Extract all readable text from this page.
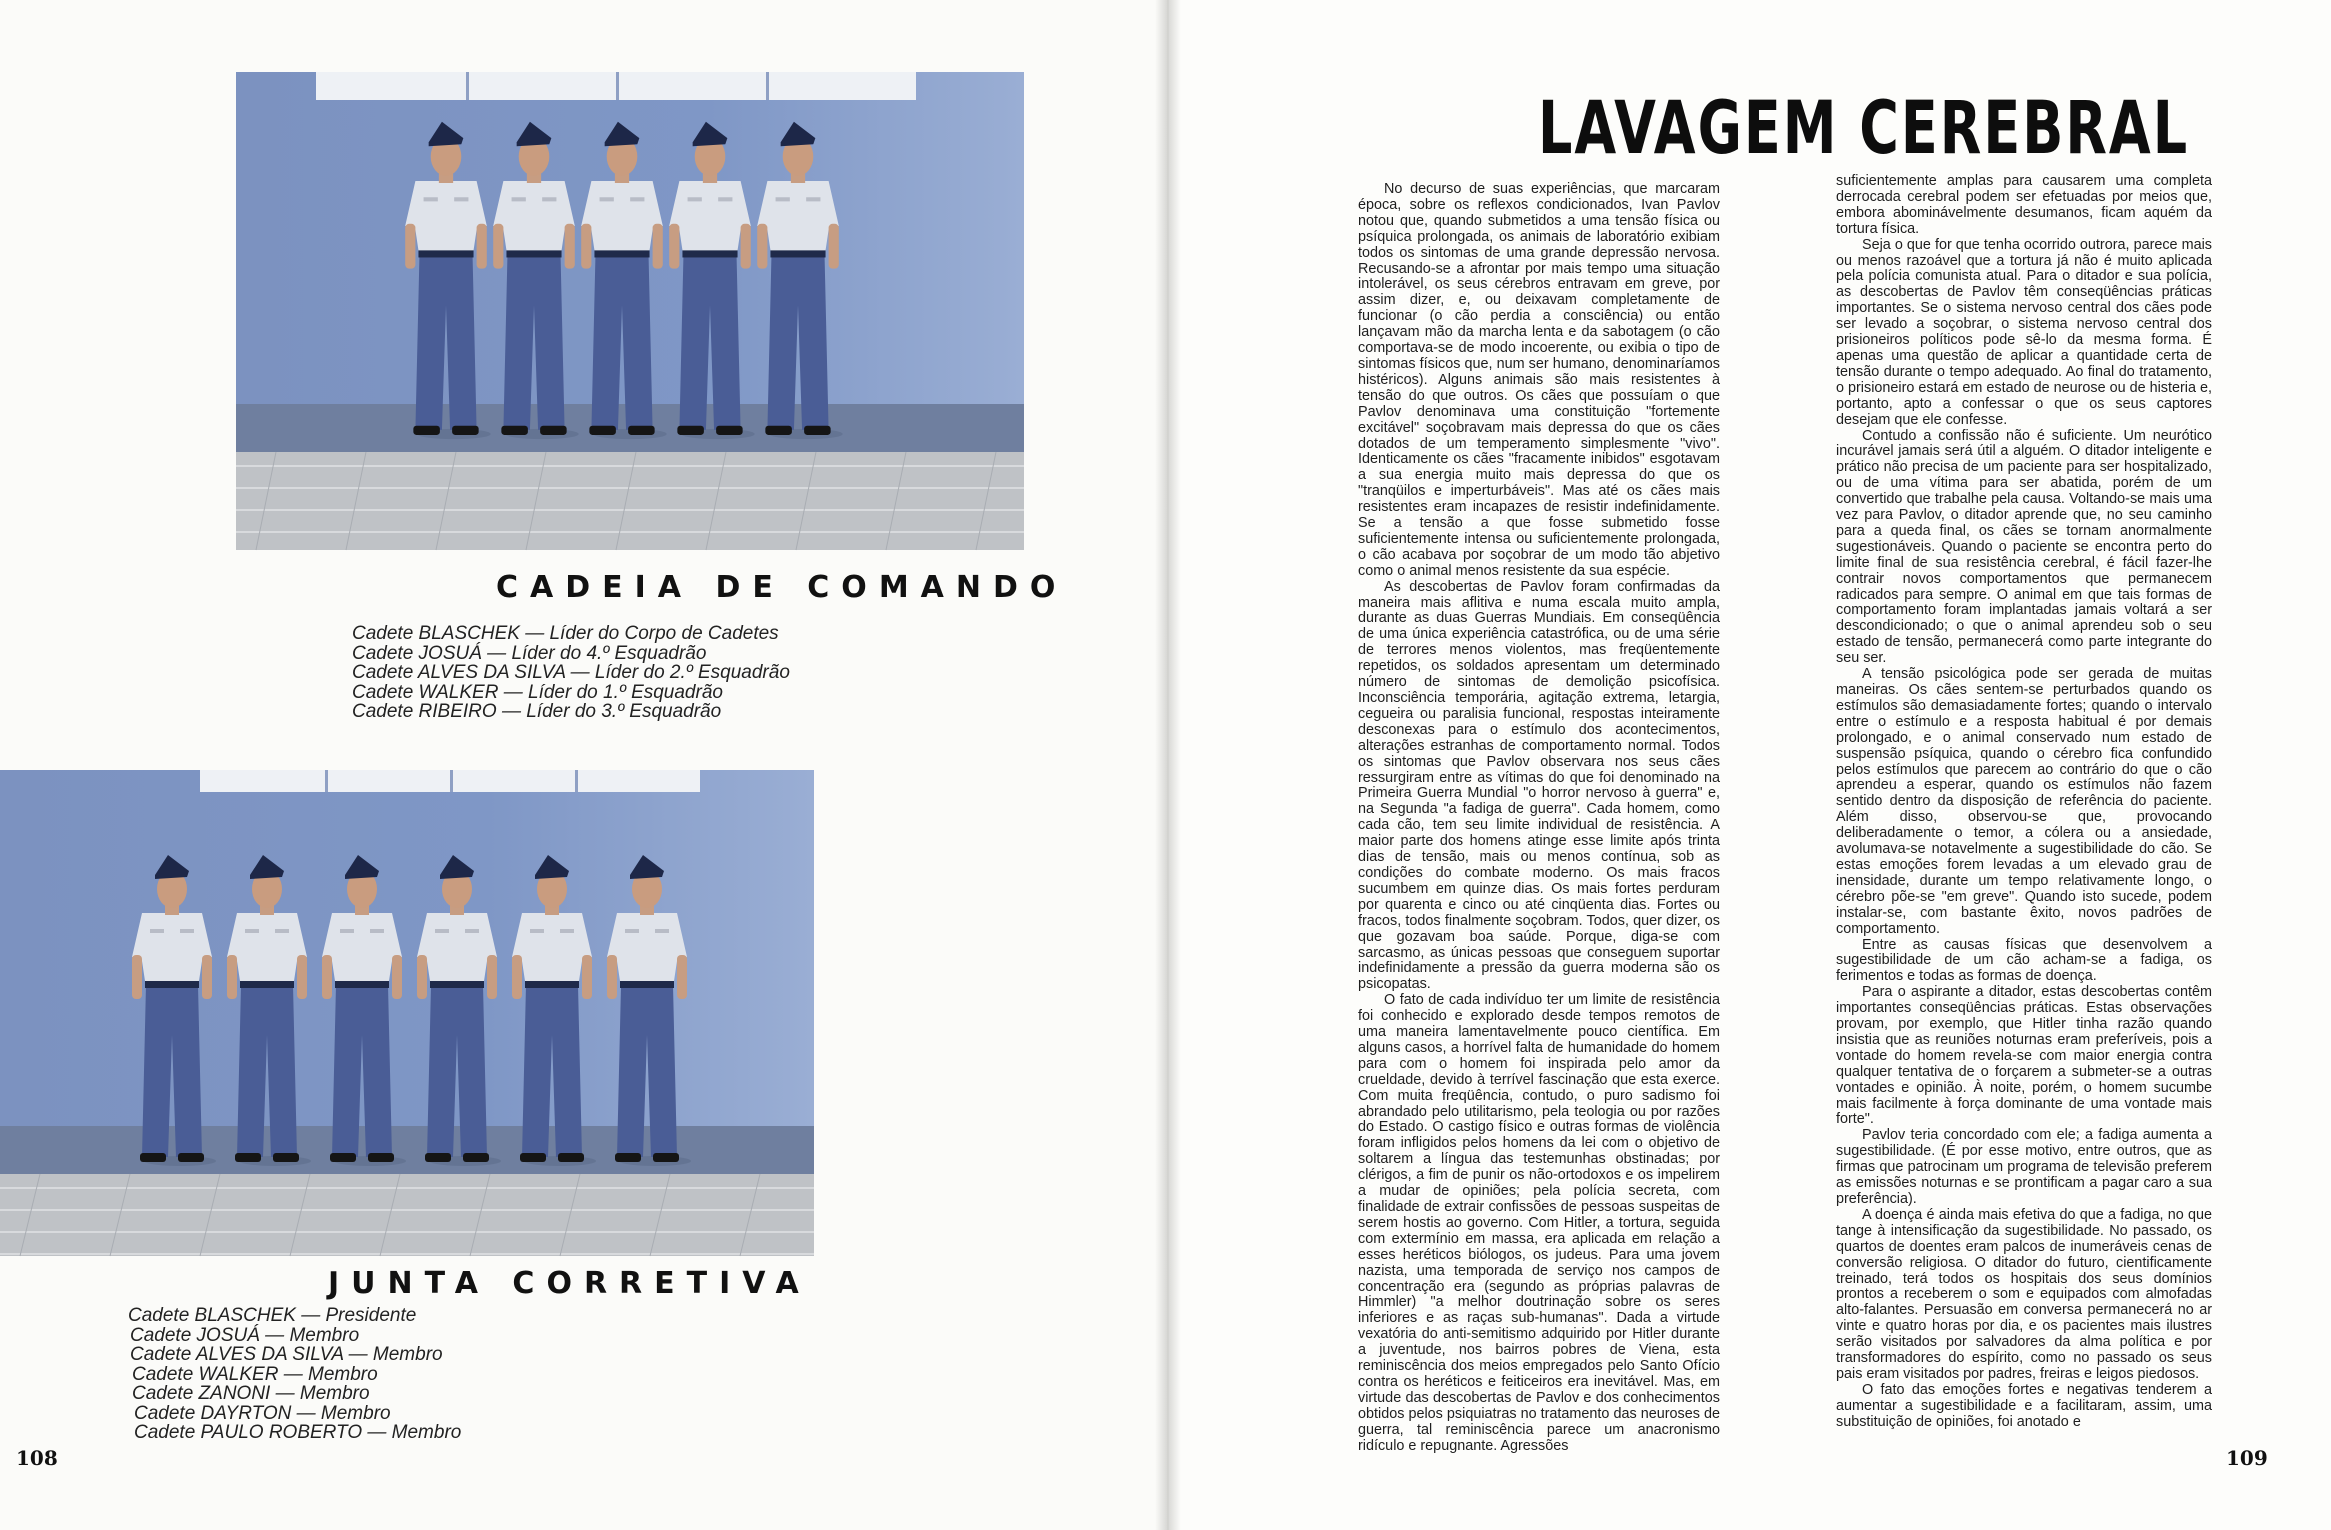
CADEIA DE COMANDO
Cadete BLASCHEK — Líder do Corpo de Cadetes
Cadete JOSUÁ — Líder do 4.º Esquadrão
Cadete ALVES DA SILVA — Líder do 2.º Esquadrão
Cadete WALKER — Líder do 1.º Esquadrão
Cadete RIBEIRO — Líder do 3.º Esquadrão
JUNTA CORRETIVA
Cadete BLASCHEK — Presidente
Cadete JOSUÁ — Membro
Cadete ALVES DA SILVA — Membro
Cadete WALKER — Membro
Cadete ZANONI — Membro
Cadete DAYRTON — Membro
Cadete PAULO ROBERTO — Membro
108
LAVAGEM CEREBRAL

No decurso de suas experiências, que marcaram época, sobre os reflexos condicionados, Ivan Pavlov notou que, quando submetidos a uma tensão física ou psíquica prolongada, os animais de laboratório exibiam todos os sintomas de uma grande depressão nervosa. Recusando-se a afrontar por mais tempo uma situação intolerável, os seus cérebros entravam em greve, por assim dizer, e, ou deixavam completamente de funcionar (o cão perdia a consciência) ou então lançavam mão da marcha lenta e da sabotagem (o cão comportava-se de modo incoerente, ou exibia o tipo de sintomas físicos que, num ser humano, denominaríamos histéricos). Alguns animais são mais resistentes à tensão do que outros. Os cães que possuíam o que Pavlov denominava uma constituição "fortemente excitável" soçobravam mais depressa do que os cães dotados de um temperamento simplesmente "vivo". Identicamente os cães "fracamente inibidos" esgotavam a sua energia muito mais depressa do que os "tranqüilos e imperturbáveis". Mas até os cães mais resistentes eram incapazes de resistir indefinidamente. Se a tensão a que fosse submetido fosse suficientemente intensa ou suficientemente prolongada, o cão acabava por soçobrar de um modo tão abjetivo como o animal menos resistente da sua espécie.

As descobertas de Pavlov foram confirmadas da maneira mais aflitiva e numa escala muito ampla, durante as duas Guerras Mundiais. Em conseqüência de uma única experiência catastrófica, ou de uma série de terrores menos violentos, mas freqüentemente repetidos, os soldados apresentam um determinado número de sintomas de demolição psicofísica. Inconsciência temporária, agitação extrema, letargia, cegueira ou paralisia funcional, respostas inteiramente desconexas para o estímulo dos acontecimentos, alterações estranhas de comportamento normal. Todos os sintomas que Pavlov observara nos seus cães ressurgiram entre as vítimas do que foi denominado na Primeira Guerra Mundial "o horror nervoso à guerra" e, na Segunda "a fadiga de guerra". Cada homem, como cada cão, tem seu limite individual de resistência. A maior parte dos homens atinge esse limite após trinta dias de tensão, mais ou menos contínua, sob as condições do combate moderno. Os mais fracos sucumbem em quinze dias. Os mais fortes perduram por quarenta e cinco ou até cinqüenta dias. Fortes ou fracos, todos finalmente soçobram. Todos, quer dizer, os que gozavam boa saúde. Porque, diga-se com sarcasmo, as únicas pessoas que conseguem suportar indefinidamente a pressão da guerra moderna são os psicopatas.

O fato de cada indivíduo ter um limite de resistência foi conhecido e explorado desde tempos remotos de uma maneira lamentavelmente pouco científica. Em alguns casos, a horrível falta de humanidade do homem para com o homem foi inspirada pelo amor da crueldade, devido à terrível fascinação que esta exerce. Com muita freqüência, contudo, o puro sadismo foi abrandado pelo utilitarismo, pela teologia ou por razões do Estado. O castigo físico e outras formas de violência foram infligidos pelos homens da lei com o objetivo de soltarem a língua das testemunhas obstinadas; por clérigos, a fim de punir os não-ortodoxos e os impelirem a mudar de opiniões; pela polícia secreta, com finalidade de extrair confissões de pessoas suspeitas de serem hostis ao governo. Com Hitler, a tortura, seguida com extermínio em massa, era aplicada em relação a esses heréticos biólogos, os judeus. Para uma jovem nazista, uma temporada de serviço nos campos de concentração era (segundo as próprias palavras de Himmler) "a melhor doutrinação sobre os seres inferiores e as raças sub-humanas". Dada a virtude vexatória do anti-semitismo adquirido por Hitler durante a juventude, nos bairros pobres de Viena, esta reminiscência dos meios empregados pelo Santo Ofício contra os heréticos e feiticeiros era inevitável. Mas, em virtude das descobertas de Pavlov e dos conhecimentos obtidos pelos psiquiatras no tratamento das neuroses de guerra, tal reminiscência parece um anacronismo ridículo e repugnante. Agressões

suficientemente amplas para causarem uma completa derrocada cerebral podem ser efetuadas por meios que, embora abominávelmente desumanos, ficam aquém da tortura física.

Seja o que for que tenha ocorrido outrora, parece mais ou menos razoável que a tortura já não é muito aplicada pela polícia comunista atual. Para o ditador e sua polícia, as descobertas de Pavlov têm conseqüências práticas importantes. Se o sistema nervoso central dos cães pode ser levado a soçobrar, o sistema nervoso central dos prisioneiros políticos pode sê-lo da mesma forma. É apenas uma questão de aplicar a quantidade certa de tensão durante o tempo adequado. Ao final do tratamento, o prisioneiro estará em estado de neurose ou de histeria e, portanto, apto a confessar o que os seus captores desejam que ele confesse.

Contudo a confissão não é suficiente. Um neurótico incurável jamais será útil a alguém. O ditador inteligente e prático não precisa de um paciente para ser hospitalizado, ou de uma vítima para ser abatida, porém de um convertido que trabalhe pela causa. Voltando-se mais uma vez para Pavlov, o ditador aprende que, no seu caminho para a queda final, os cães se tornam anormalmente sugestionáveis. Quando o paciente se encontra perto do limite final de sua resistência cerebral, é fácil fazer-lhe contrair novos comportamentos que permanecem radicados para sempre. O animal em que tais formas de comportamento foram implantadas jamais voltará a ser descondicionado; o que o animal aprendeu sob o seu estado de tensão, permanecerá como parte integrante do seu ser.

A tensão psicológica pode ser gerada de muitas maneiras. Os cães sentem-se perturbados quando os estímulos são demasiadamente fortes; quando o intervalo entre o estímulo e a resposta habitual é por demais prolongado, e o animal conservado num estado de suspensão psíquica, quando o cérebro fica confundido pelos estímulos que parecem ao contrário do que o cão aprendeu a esperar, quando os estímulos não fazem sentido dentro da disposição de referência do paciente. Além disso, observou-se que, provocando deliberadamente o temor, a cólera ou a ansiedade, avolumava-se notavelmente a sugestibilidade do cão. Se estas emoções forem levadas a um elevado grau de inensidade, durante um tempo relativamente longo, o cérebro põe-se "em greve". Quando isto sucede, podem instalar-se, com bastante êxito, novos padrões de comportamento.

Entre as causas físicas que desenvolvem a sugestibilidade de um cão acham-se a fadiga, os ferimentos e todas as formas de doença.

Para o aspirante a ditador, estas descobertas contêm importantes conseqüências práticas. Estas observações provam, por exemplo, que Hitler tinha razão quando insistia que as reuniões noturnas eram preferíveis, pois a vontade do homem revela-se com maior energia contra qualquer tentativa de o forçarem a submeter-se a outras vontades e opinião. À noite, porém, o homem sucumbe mais facilmente à força dominante de uma vontade mais forte".

Pavlov teria concordado com ele; a fadiga aumenta a sugestibilidade. (É por esse motivo, entre outros, que as firmas que patrocinam um programa de televisão preferem as emissões noturnas e se prontificam a pagar caro a sua preferência).

A doença é ainda mais efetiva do que a fadiga, no que tange à intensificação da sugestibilidade. No passado, os quartos de doentes eram palcos de inumeráveis cenas de conversão religiosa. O ditador do futuro, cientificamente treinado, terá todos os hospitais dos seus domínios prontos a receberem o som e equipados com almofadas alto-falantes. Persuasão em conversa permanecerá no ar vinte e quatro horas por dia, e os pacientes mais ilustres serão visitados por salvadores da alma política e por transformadores do espírito, como no passado os seus pais eram visitados por padres, freiras e leigos piedosos.

O fato das emoções fortes e negativas tenderem a aumentar a sugestibilidade e a facilitaram, assim, uma substituição de opiniões, foi anotado e

109
